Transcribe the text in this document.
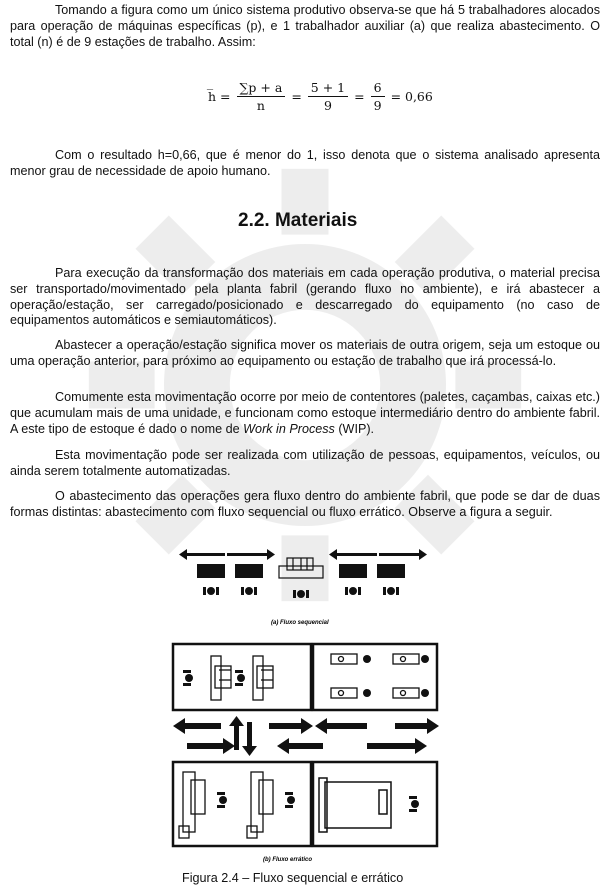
Tomando a figura como um único sistema produtivo observa-se que há 5 trabalhadores alocados para operação de máquinas específicas (p), e 1 trabalhador auxiliar (a) que realiza abastecimento. O total (n) é de 9 estações de trabalho. Assim:

h̅ = $\frac{\sum p + a}{n} = \frac{5 + 1}{9} = \frac{6}{9} = 0,66$

Com o resultado h=0,66, que é menor do 1, isso denota que o sistema analisado apresenta menor grau de necessidade de apoio humano.

2.2. Materiais

Para execução da transformação dos materiais em cada operação produtiva, o material precisa ser transportado/movimentado pela planta fabril (gerando fluxo no ambiente), e irá abastecer a operação/estação, ser carregado/posicionado e descarregado do equipamento (no caso de equipamentos automáticos e semiautomáticos).

Abastecer a operação/estação significa mover os materiais de outra origem, seja um estoque ou uma operação anterior, para próximo ao equipamento ou estação de trabalho que irá processá-lo.

Comumente esta movimentação ocorre por meio de contentores (paletes, caçambas, caixas etc.) que acumulam mais de uma unidade, e funcionam como estoque intermediário dentro do ambiente fabril. A este tipo de estoque é dado o nome de Work in Process (WIP).

Esta movimentação pode ser realizada com utilização de pessoas, equipamentos, veículos, ou ainda serem totalmente automatizadas.

O abastecimento das operações gera fluxo dentro do ambiente fabril, que pode se dar de duas formas distintas: abastecimento com fluxo sequencial ou fluxo errático. Observe a figura a seguir.

(a) Fluxo sequencial
(b) Fluxo errático
Figura 2.4 – Fluxo sequencial e errático
